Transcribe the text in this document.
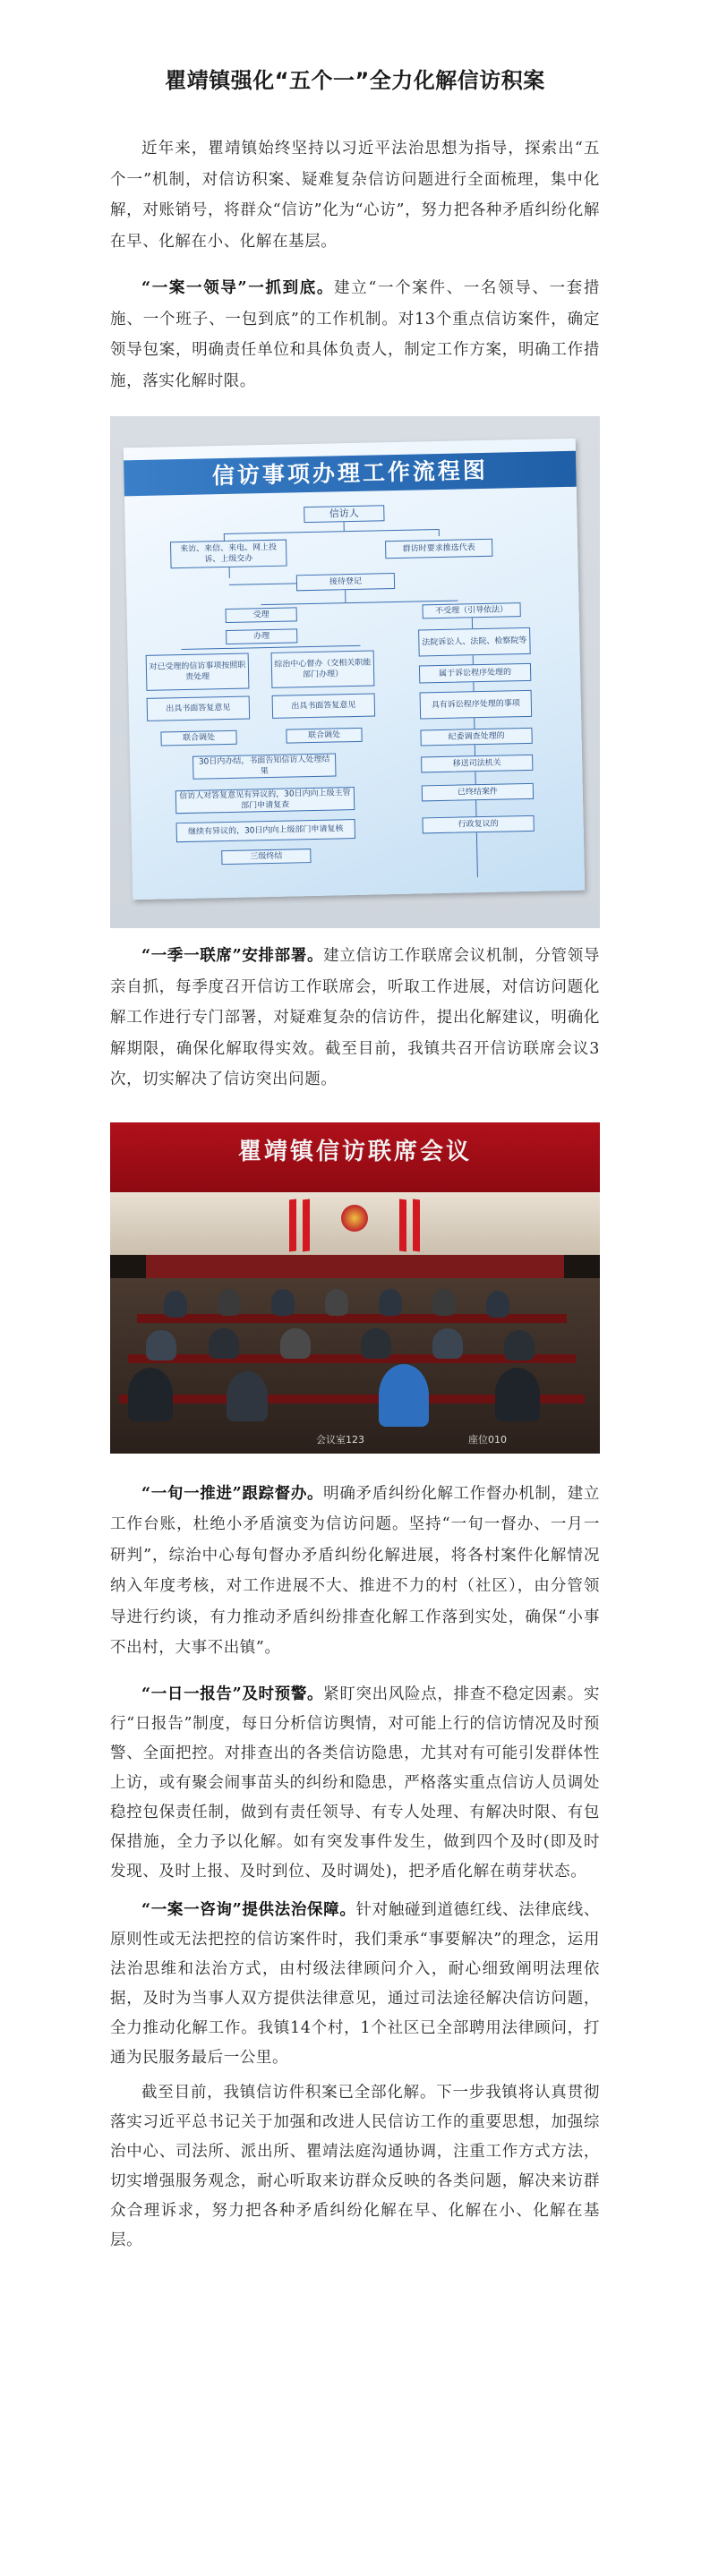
瞿靖镇强化“五个一”全力化解信访积案

近年来，瞿靖镇始终坚持以习近平法治思想为指导，探索出“五个一”机制，对信访积案、疑难复杂信访问题进行全面梳理，集中化解，对账销号，将群众“信访”化为“心访”，努力把各种矛盾纠纷化解在早、化解在小、化解在基层。

“一案一领导”一抓到底。建立“一个案件、一名领导、一套措施、一个班子、一包到底”的工作机制。对13个重点信访案件，确定领导包案，明确责任单位和具体负责人，制定工作方案，明确工作措施，落实化解时限。

信访事项办理工作流程图
信访人
来访、来信、来电、网上投诉、上级交办
群访时要求推选代表
接待登记
受理	不受理（引导依法）
办理
对已受理的信访事项按照职责处理
综治中心督办（交相关职能部门办理）
出具书面答复意见	出具书面答复意见
联合调处	联合调处
30日内办结，书面告知信访人处理结果
信访人对答复意见有异议的，30日内向上级主管部门申请复查
继续有异议的，30日内向上级部门申请复核
三级终结
法院诉讼人、法院、检察院等
属于诉讼程序处理的
具有诉讼程序处理的事项
纪委调查处理的
移送司法机关
已终结案件
行政复议的

“一季一联席”安排部署。建立信访工作联席会议机制，分管领导亲自抓，每季度召开信访工作联席会，听取工作进展，对信访问题化解工作进行专门部署，对疑难复杂的信访件，提出化解建议，明确化解期限，确保化解取得实效。截至目前，我镇共召开信访联席会议3次，切实解决了信访突出问题。

瞿靖镇信访联席会议
会议室123	座位010

“一旬一推进”跟踪督办。明确矛盾纠纷化解工作督办机制，建立工作台账，杜绝小矛盾演变为信访问题。坚持“一旬一督办、一月一研判”，综治中心每旬督办矛盾纠纷化解进展，将各村案件化解情况纳入年度考核，对工作进展不大、推进不力的村（社区），由分管领导进行约谈，有力推动矛盾纠纷排查化解工作落到实处，确保“小事不出村，大事不出镇”。

“一日一报告”及时预警。紧盯突出风险点，排查不稳定因素。实行“日报告”制度，每日分析信访舆情，对可能上行的信访情况及时预警、全面把控。对排查出的各类信访隐患，尤其对有可能引发群体性上访，或有聚会闹事苗头的纠纷和隐患，严格落实重点信访人员调处稳控包保责任制，做到有责任领导、有专人处理、有解决时限、有包保措施，全力予以化解。如有突发事件发生，做到四个及时(即及时发现、及时上报、及时到位、及时调处)，把矛盾化解在萌芽状态。

“一案一咨询”提供法治保障。针对触碰到道德红线、法律底线、原则性或无法把控的信访案件时，我们秉承“事要解决”的理念，运用法治思维和法治方式，由村级法律顾问介入，耐心细致阐明法理依据，及时为当事人双方提供法律意见，通过司法途径解决信访问题，全力推动化解工作。我镇14个村，1个社区已全部聘用法律顾问，打通为民服务最后一公里。

截至目前，我镇信访件积案已全部化解。下一步我镇将认真贯彻落实习近平总书记关于加强和改进人民信访工作的重要思想，加强综治中心、司法所、派出所、瞿靖法庭沟通协调，注重工作方式方法，切实增强服务观念，耐心听取来访群众反映的各类问题，解决来访群众合理诉求，努力把各种矛盾纠纷化解在早、化解在小、化解在基层。
